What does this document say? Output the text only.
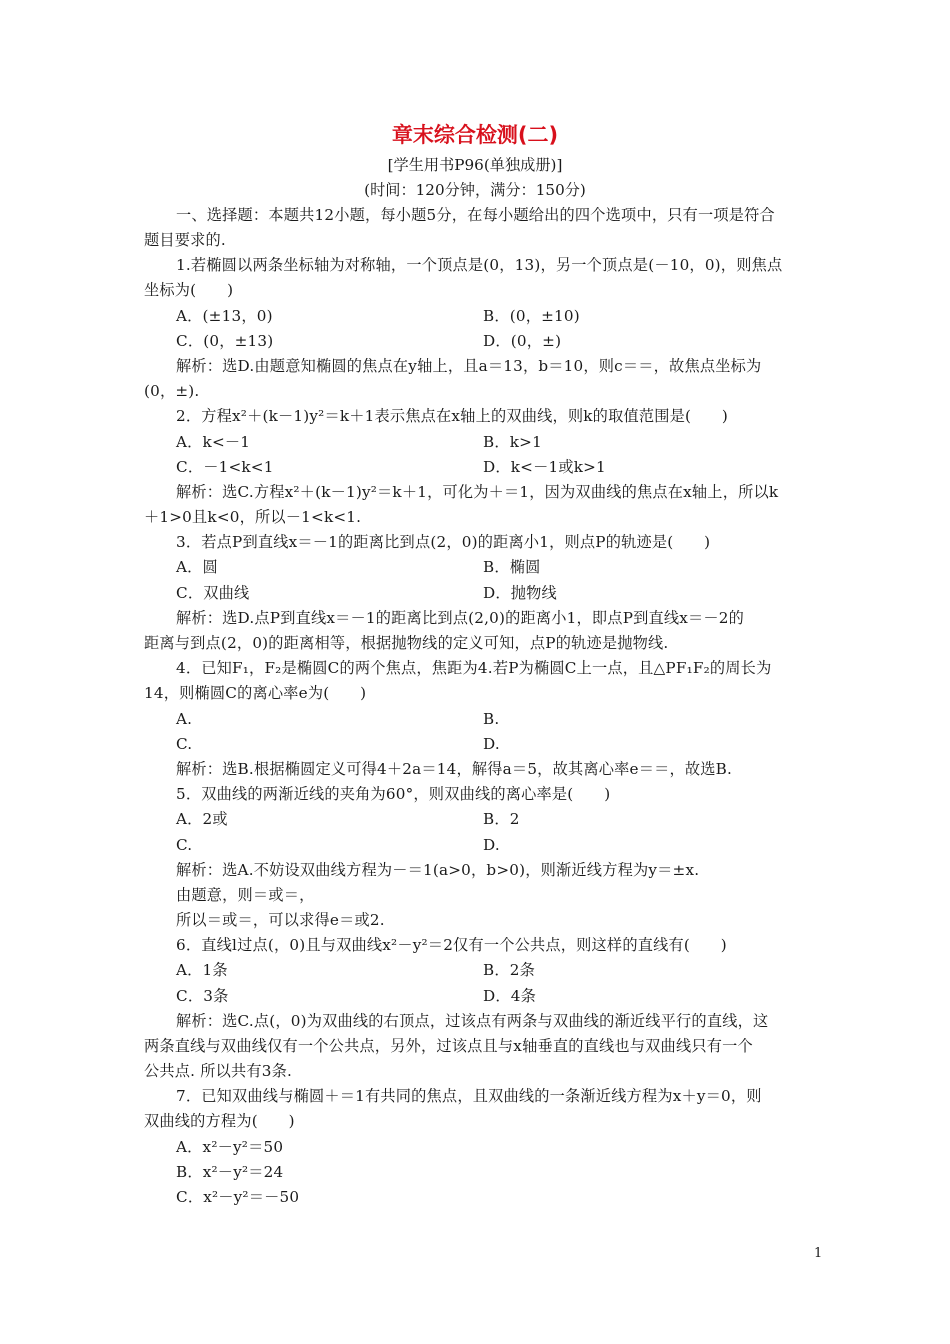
章末综合检测(二)
[学生用书P96(单独成册)]
(时间：120分钟，满分：150分)
一、选择题：本题共12小题，每小题5分，在每小题给出的四个选项中，只有一项是符合
题目要求的.
1.若椭圆以两条坐标轴为对称轴，一个顶点是(0，13)，另一个顶点是(－10，0)，则焦点
坐标为(　　)
A．(±13，0)	B．(0，±10)
C．(0，±13)	D．(0，±)
解析：选D.由题意知椭圆的焦点在y轴上，且a＝13，b＝10，则c＝＝，故焦点坐标为
(0，±).
2．方程x²＋(k－1)y²＝k＋1表示焦点在x轴上的双曲线，则k的取值范围是(　　)
A．k<－1	B．k>1
C．－1<k<1	D．k<－1或k>1
解析：选C.方程x²＋(k－1)y²＝k＋1，可化为＋＝1，因为双曲线的焦点在x轴上，所以k
＋1>0且k<0，所以－1<k<1.
3．若点P到直线x＝－1的距离比到点(2，0)的距离小1，则点P的轨迹是(　　)
A．圆	B．椭圆
C．双曲线	D．抛物线
解析：选D.点P到直线x＝－1的距离比到点(2,0)的距离小1，即点P到直线x＝－2的
距离与到点(2，0)的距离相等，根据抛物线的定义可知，点P的轨迹是抛物线.
4．已知F₁，F₂是椭圆C的两个焦点，焦距为4.若P为椭圆C上一点，且△PF₁F₂的周长为
14，则椭圆C的离心率e为(　　)
A.	B.
C.	D.
解析：选B.根据椭圆定义可得4＋2a＝14，解得a＝5，故其离心率e＝＝，故选B.
5．双曲线的两渐近线的夹角为60°，则双曲线的离心率是(　　)
A．2或	B．2
C.	D.
解析：选A.不妨设双曲线方程为－＝1(a>0，b>0)，则渐近线方程为y＝±x.
由题意，则＝或＝，
所以＝或＝，可以求得e＝或2.
6．直线l过点(，0)且与双曲线x²－y²＝2仅有一个公共点，则这样的直线有(　　)
A．1条	B．2条
C．3条	D．4条
解析：选C.点(，0)为双曲线的右顶点，过该点有两条与双曲线的渐近线平行的直线，这
两条直线与双曲线仅有一个公共点，另外，过该点且与x轴垂直的直线也与双曲线只有一个
公共点. 所以共有3条.
7．已知双曲线与椭圆＋＝1有共同的焦点，且双曲线的一条渐近线方程为x＋y＝0，则
双曲线的方程为(　　)
A．x²－y²＝50
B．x²－y²＝24
C．x²－y²＝－50
1
